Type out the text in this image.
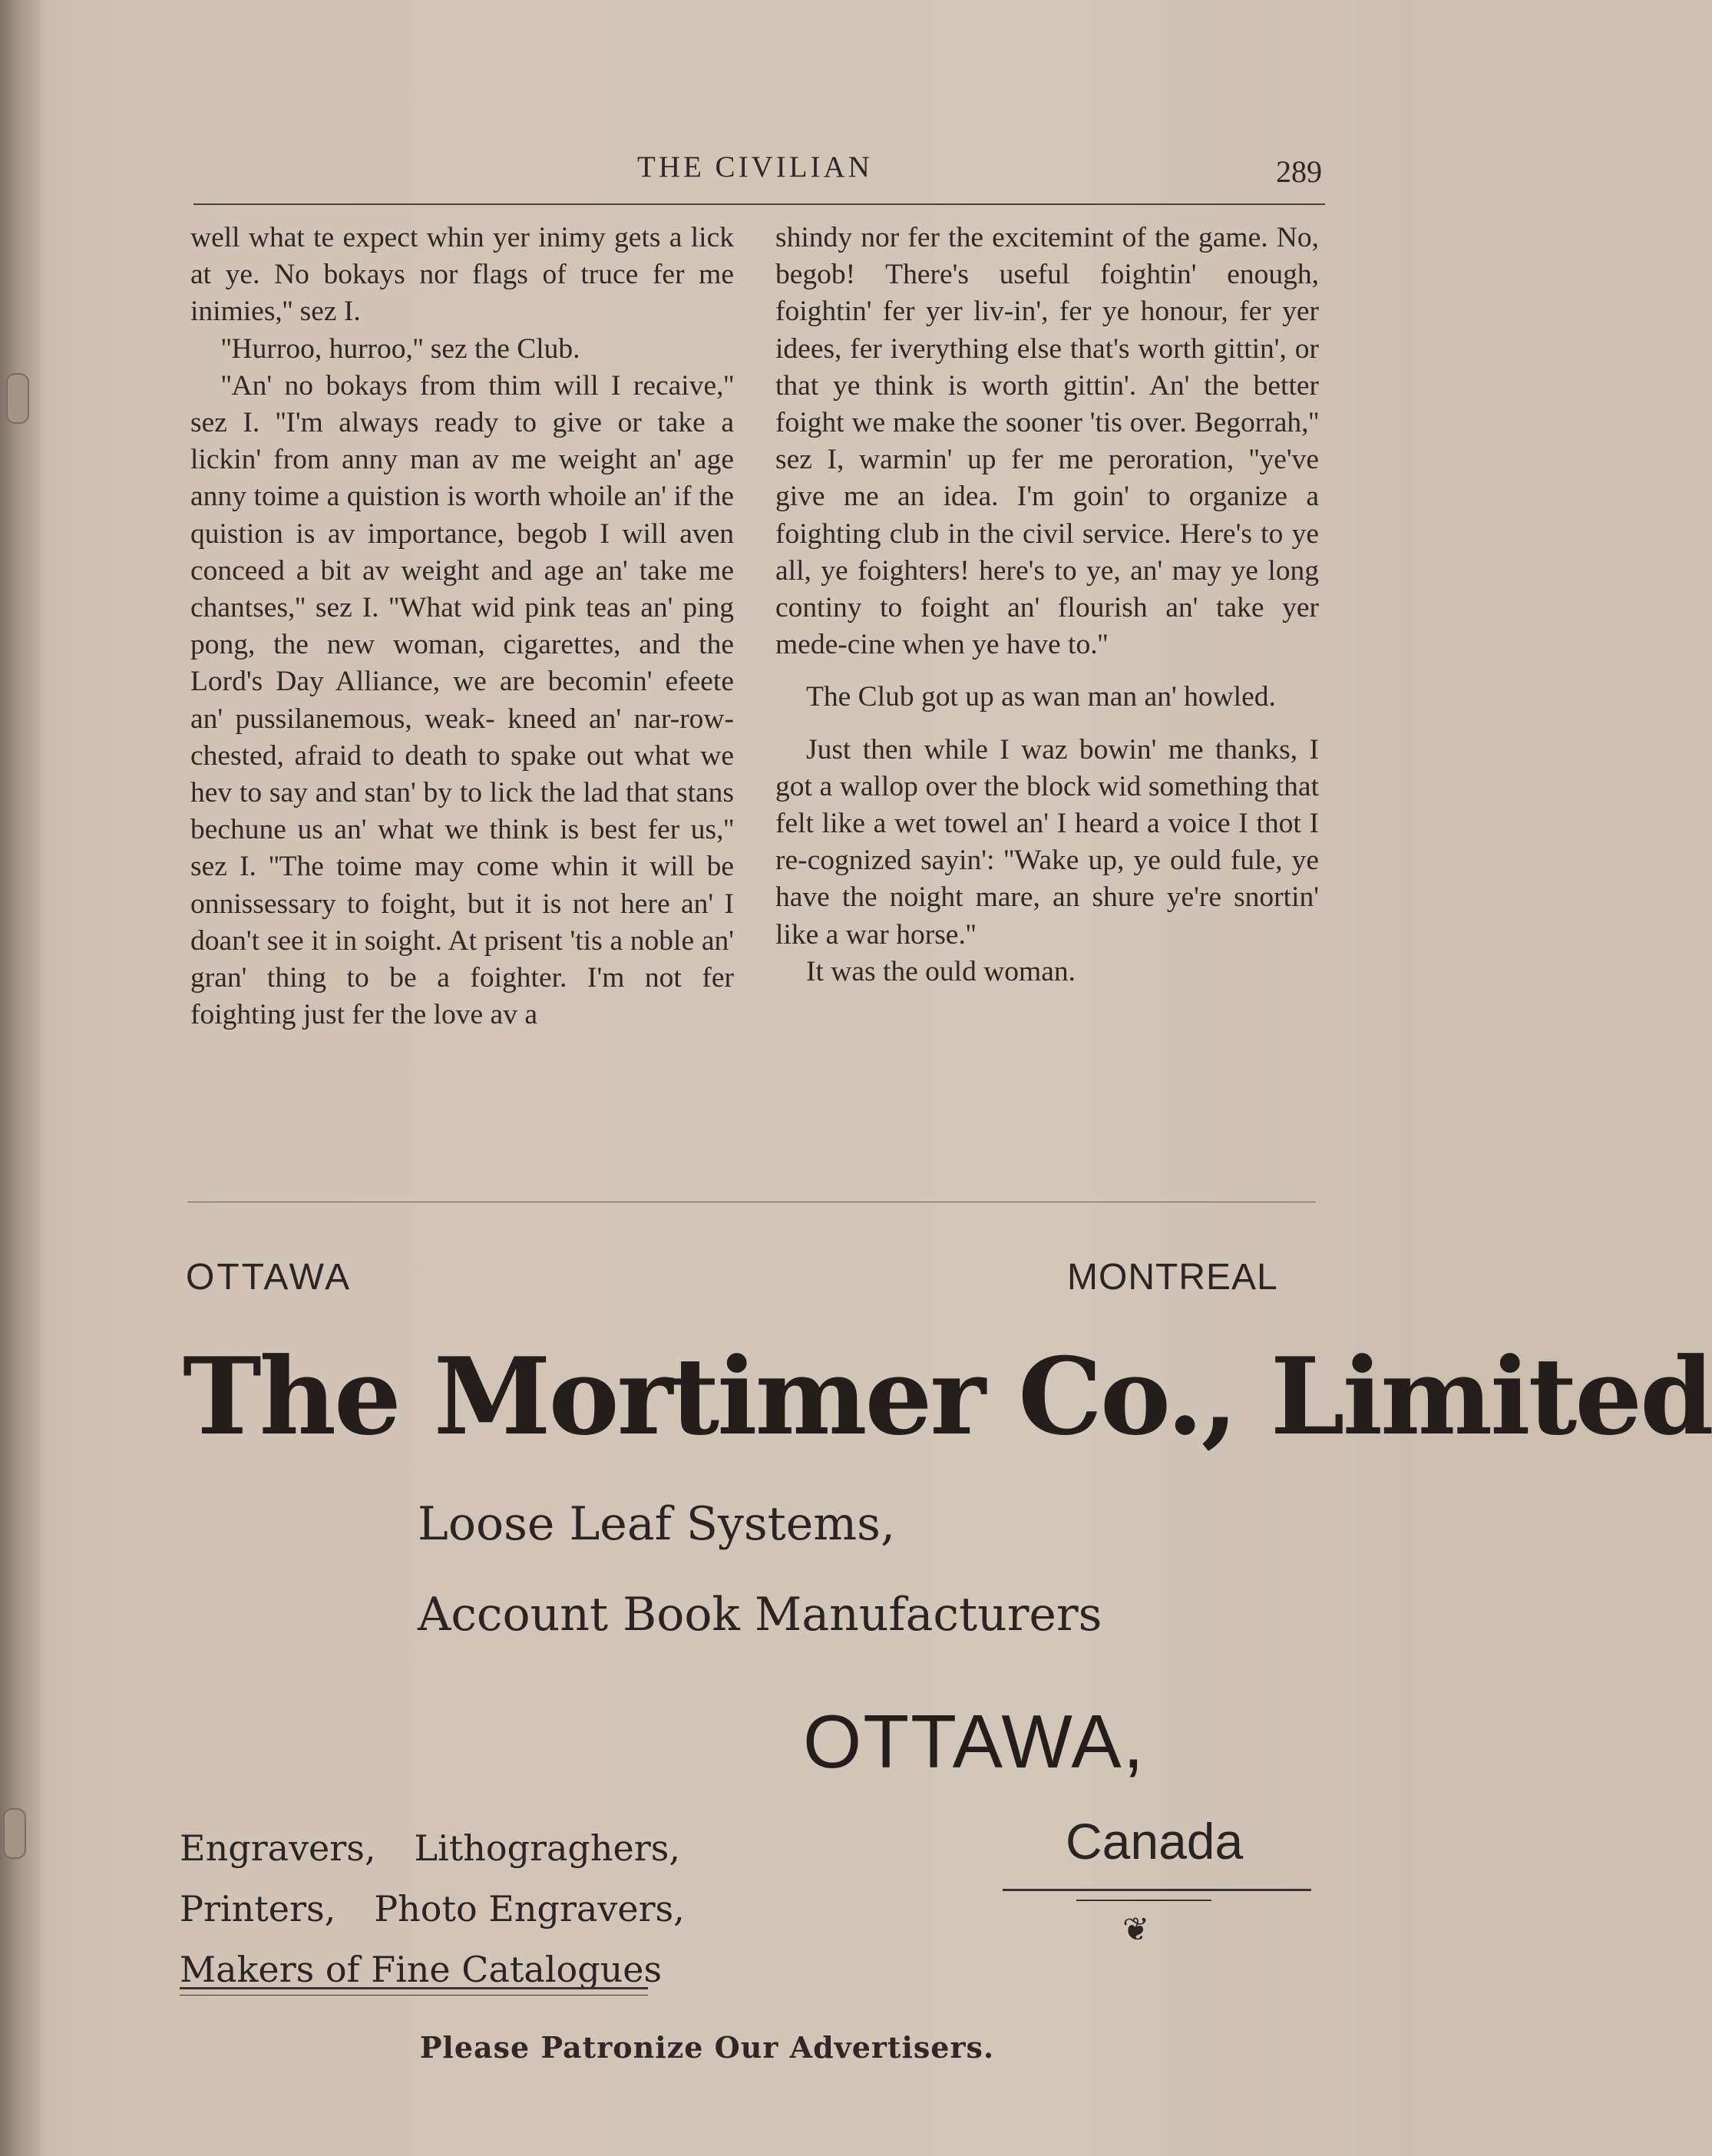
THE CIVILIAN	289

well what te expect whin yer inimy gets a lick at ye. No bokays nor flags of truce fer me inimies,'' sez I.

''Hurroo, hurroo,'' sez the Club.

''An' no bokays from thim will I recaive,'' sez I. ''I'm always ready to give or take a lickin' from anny man av me weight an' age anny toime a quistion is worth whoile an' if the quistion is av importance, begob I will aven conceed a bit av weight and age an' take me chantses,'' sez I. ''What wid pink teas an' ping pong, the new woman, cigarettes, and the Lord's Day Alliance, we are becomin' efeete an' pussilanemous, weak- kneed an' nar-row-chested, afraid to death to spake out what we hev to say and stan' by to lick the lad that stans bechune us an' what we think is best fer us,'' sez I. ''The toime may come whin it will be onnissessary to foight, but it is not here an' I doan't see it in soight. At prisent 'tis a noble an' gran' thing to be a foighter. I'm not fer foighting just fer the love av a

shindy nor fer the excitemint of the game. No, begob! There's useful foightin' enough, foightin' fer yer liv-in', fer ye honour, fer yer idees, fer iverything else that's worth gittin', or that ye think is worth gittin'. An' the better foight we make the sooner 'tis over. Begorrah,'' sez I, warmin' up fer me peroration, ''ye've give me an idea. I'm goin' to organize a foighting club in the civil service. Here's to ye all, ye foighters! here's to ye, an' may ye long continy to foight an' flourish an' take yer mede-cine when ye have to.''

The Club got up as wan man an' howled.

Just then while I waz bowin' me thanks, I got a wallop over the block wid something that felt like a wet towel an' I heard a voice I thot I re-cognized sayin': ''Wake up, ye ould fule, ye have the noight mare, an shure ye're snortin' like a war horse.''

It was the ould woman.

OTTAWA	MONTREAL
The Mortimer Co., Limited
Loose Leaf Systems,
Account Book Manufacturers
OTTAWA,
Canada
❦
Engravers, Lithograghers,
Printers, Photo Engravers,
Makers of Fine Catalogues
Please Patronize Our Advertisers.
